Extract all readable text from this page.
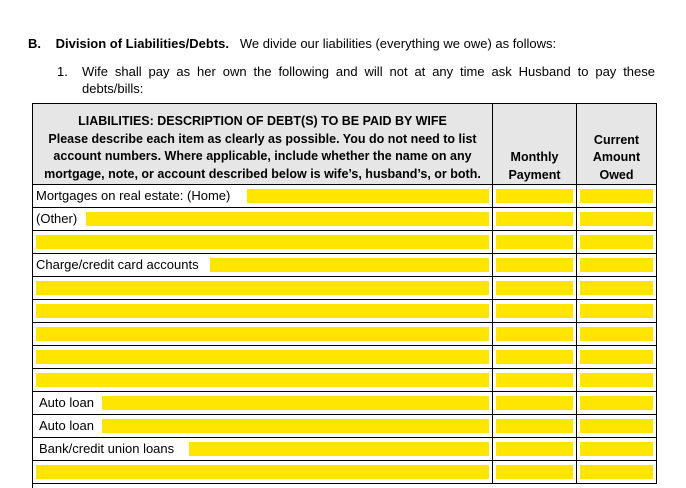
B. Division of Liabilities/Debts. We divide our liabilities (everything we owe) as follows:
1. Wife shall pay as her own the following and will not at any time ask Husband to pay these
debts/bills:
LIABILITIES: DESCRIPTION OF DEBT(S) TO BE PAID BY WIFE
Please describe each item as clearly as possible. You do not need to list
account numbers. Where applicable, include whether the name on any
mortgage, note, or account described below is wife’s, husband’s, or both.
Monthly
Payment
Current
Amount
Owed
Mortgages on real estate: (Home)
(Other)
Charge/credit card accounts
Auto loan
Auto loan
Bank/credit union loans
